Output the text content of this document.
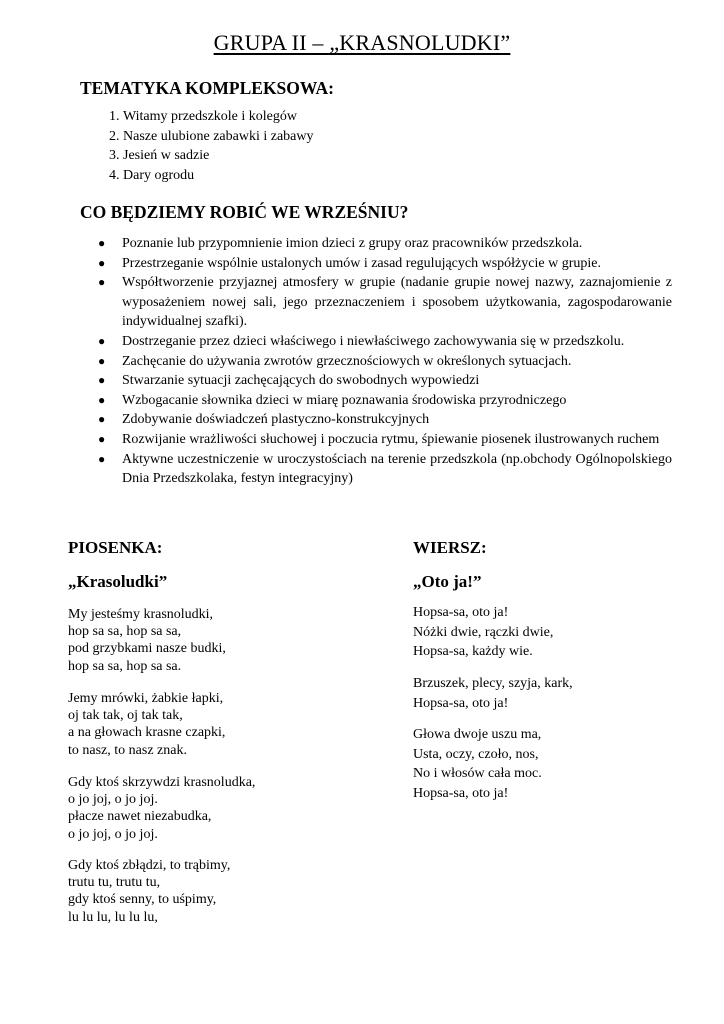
GRUPA II – „KRASNOLUDKI”
TEMATYKA KOMPLEKSOWA:
1. Witamy przedszkole i kolegów
2. Nasze ulubione zabawki i zabawy
3. Jesień w sadzie
4. Dary ogrodu
CO BĘDZIEMY ROBIĆ WE WRZEŚNIU?
● Poznanie lub przypomnienie imion dzieci z grupy oraz pracowników przedszkola.
● Przestrzeganie wspólnie ustalonych umów i zasad regulujących współżycie w grupie.
● Współtworzenie przyjaznej atmosfery w grupie (nadanie grupie nowej nazwy, zaznajomienie z wyposażeniem nowej sali, jego przeznaczeniem i sposobem użytkowania, zagospodarowanie indywidualnej szafki).
● Dostrzeganie przez dzieci właściwego i niewłaściwego zachowywania się w przedszkolu.
● Zachęcanie do używania zwrotów grzecznościowych w określonych sytuacjach.
● Stwarzanie sytuacji zachęcających do swobodnych wypowiedzi
● Wzbogacanie słownika dzieci w miarę poznawania środowiska przyrodniczego
● Zdobywanie doświadczeń plastyczno-konstrukcyjnych
● Rozwijanie wrażliwości słuchowej i poczucia rytmu, śpiewanie piosenek ilustrowanych ruchem
● Aktywne uczestniczenie w uroczystościach na terenie przedszkola (np.obchody Ogólnopolskiego Dnia Przedszkolaka, festyn integracyjny)
PIOSENKA:
„Krasoludki”

My jesteśmy krasnoludki,
hop sa sa, hop sa sa,
pod grzybkami nasze budki,
hop sa sa, hop sa sa.

Jemy mrówki, żabkie łapki,
oj tak tak, oj tak tak,
a na głowach krasne czapki,
to nasz, to nasz znak.

Gdy ktoś skrzywdzi krasnoludka,
o jo joj, o jo joj.
płacze nawet niezabudka,
o jo joj, o jo joj.

Gdy ktoś zbłądzi, to trąbimy,
trutu tu, trutu tu,
gdy ktoś senny, to uśpimy,
lu lu lu, lu lu lu,

WIERSZ:
„Oto ja!”

Hopsa-sa, oto ja!
Nóżki dwie, rączki dwie,
Hopsa-sa, każdy wie.

Brzuszek, plecy, szyja, kark,
Hopsa-sa, oto ja!

Głowa dwoje uszu ma,
Usta, oczy, czoło, nos,
No i włosów cała moc.
Hopsa-sa, oto ja!
